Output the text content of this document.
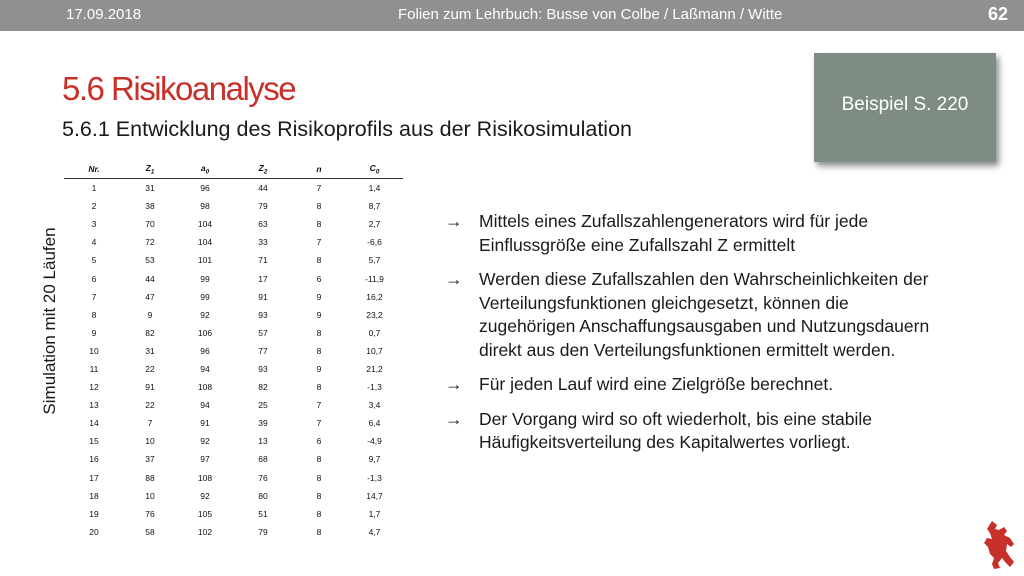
17.09.2018	Folien zum Lehrbuch: Busse von Colbe / Laßmann / Witte	62
5.6 Risikoanalyse
5.6.1 Entwicklung des Risikoprofils aus der Risikosimulation
Beispiel S. 220
Simulation mit 20 Läufen
Nr.	$Z_1$	$a_0$	$Z_2$	n	$C_0$
1	31	96	44	7	1,4
2	38	98	79	8	8,7
3	70	104	63	8	2,7
4	72	104	33	7	-6,6
5	53	101	71	8	5,7
6	44	99	17	6	-11,9
7	47	99	91	9	16,2
8	9	92	93	9	23,2
9	82	106	57	8	0,7
10	31	96	77	8	10,7
11	22	94	93	9	21,2
12	91	108	82	8	-1,3
13	22	94	25	7	3,4
14	7	91	39	7	6,4
15	10	92	13	6	-4,9
16	37	97	68	8	9,7
17	88	108	76	8	-1,3
18	10	92	80	8	14,7
19	76	105	51	8	1,7
20	58	102	79	8	4,7
→ Mittels eines Zufallszahlengenerators wird für jede Einflussgröße eine Zufallszahl Z ermittelt
→ Werden diese Zufallszahlen den Wahrscheinlichkeiten der Verteilungsfunktionen gleichgesetzt, können die zugehörigen Anschaffungsausgaben und Nutzungsdauern direkt aus den Verteilungsfunktionen ermittelt werden.
→ Für jeden Lauf wird eine Zielgröße berechnet.
→ Der Vorgang wird so oft wiederholt, bis eine stabile Häufigkeitsverteilung des Kapitalwertes vorliegt.
